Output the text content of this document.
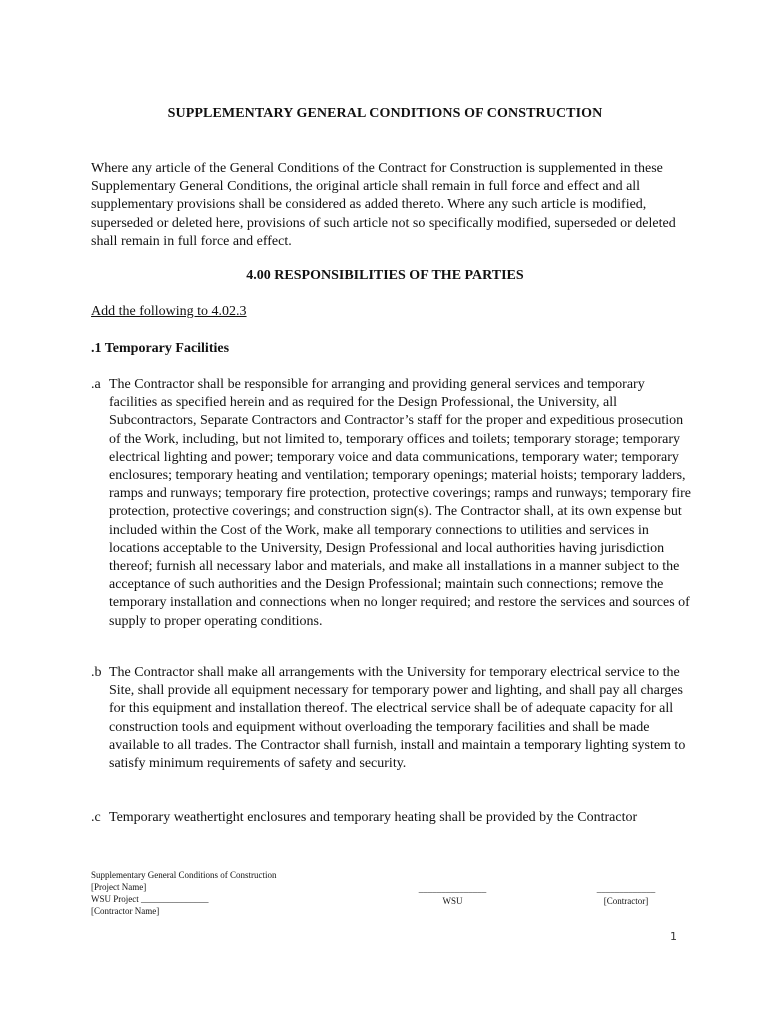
SUPPLEMENTARY GENERAL CONDITIONS OF CONSTRUCTION
Where any article of the General Conditions of the Contract for Construction is supplemented in these Supplementary General Conditions, the original article shall remain in full force and effect and all supplementary provisions shall be considered as added thereto. Where any such article is modified, superseded or deleted here, provisions of such article not so specifically modified, superseded or deleted shall remain in full force and effect.
4.00 RESPONSIBILITIES OF THE PARTIES
Add the following to 4.02.3
.1 Temporary Facilities
.a The Contractor shall be responsible for arranging and providing general services and temporary facilities as specified herein and as required for the Design Professional, the University, all Subcontractors, Separate Contractors and Contractor’s staff for the proper and expeditious prosecution of the Work, including, but not limited to, temporary offices and toilets; temporary storage; temporary electrical lighting and power; temporary voice and data communications, temporary water; temporary enclosures; temporary heating and ventilation; temporary openings; material hoists; temporary ladders, ramps and runways; temporary fire protection, protective coverings; ramps and runways; temporary fire protection, protective coverings; and construction sign(s). The Contractor shall, at its own expense but included within the Cost of the Work, make all temporary connections to utilities and services in locations acceptable to the University, Design Professional and local authorities having jurisdiction thereof; furnish all necessary labor and materials, and make all installations in a manner subject to the acceptance of such authorities and the Design Professional; maintain such connections; remove the temporary installation and connections when no longer required; and restore the services and sources of supply to proper operating conditions.
.b The Contractor shall make all arrangements with the University for temporary electrical service to the Site, shall provide all equipment necessary for temporary power and lighting, and shall pay all charges for this equipment and installation thereof. The electrical service shall be of adequate capacity for all construction tools and equipment without overloading the temporary facilities and shall be made available to all trades. The Contractor shall furnish, install and maintain a temporary lighting system to satisfy minimum requirements of safety and security.
.c Temporary weathertight enclosures and temporary heating shall be provided by the Contractor
Supplementary General Conditions of Construction
[Project Name]
WSU Project _______________
[Contractor Name]
_______________
WSU
_____________
[Contractor]
1
